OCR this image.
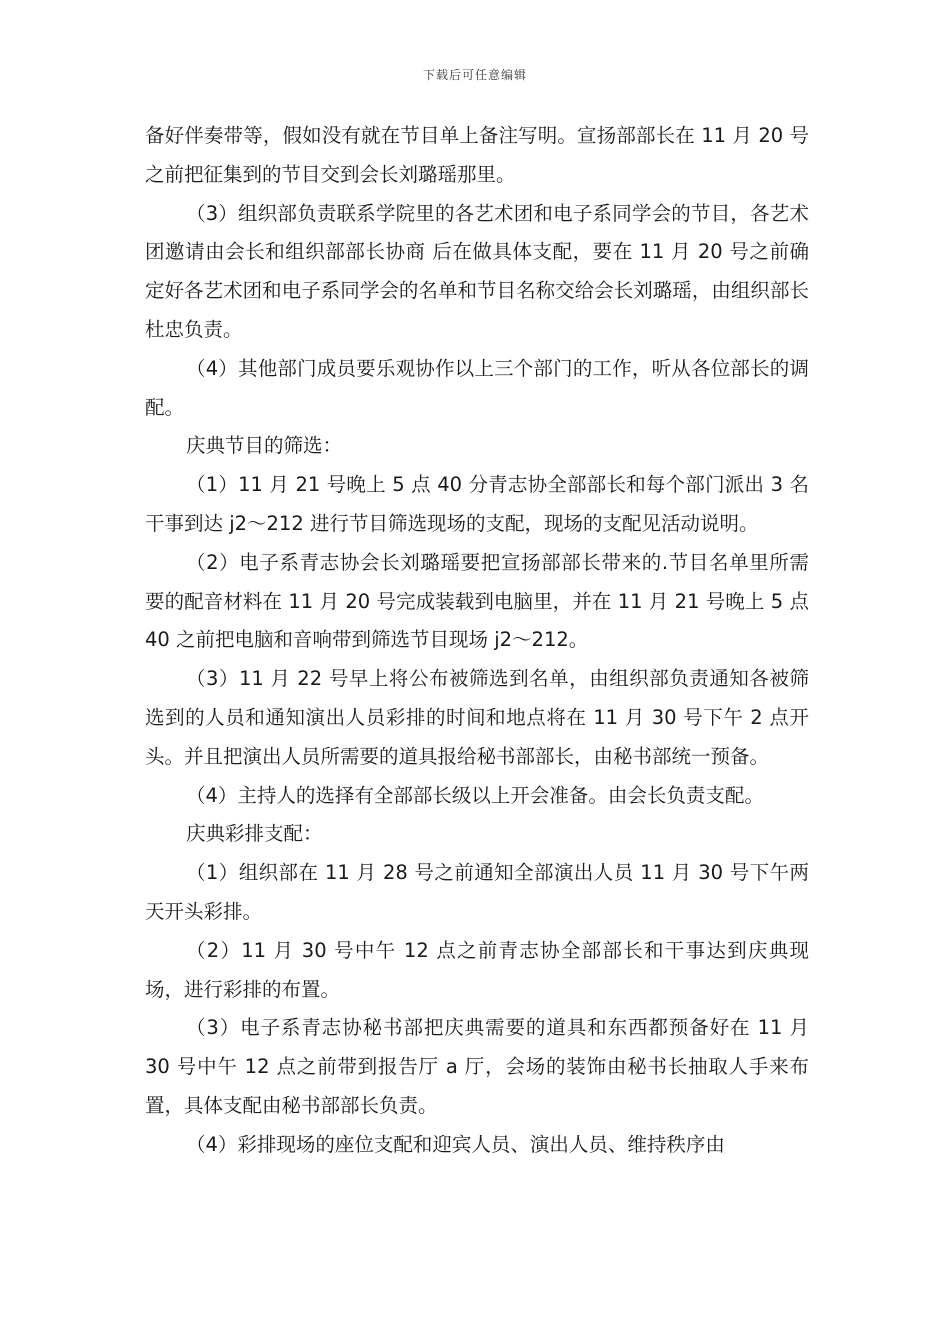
下载后可任意编辑

备好伴奏带等，假如没有就在节目单上备注写明。宣扬部部长在 11 月 20 号之前把征集到的节目交到会长刘璐瑶那里。

（3）组织部负责联系学院里的各艺术团和电子系同学会的节目，各艺术团邀请由会长和组织部部长协商 后在做具体支配，要在 11 月 20 号之前确定好各艺术团和电子系同学会的名单和节目名称交给会长刘璐瑶，由组织部长杜忠负责。

（4）其他部门成员要乐观协作以上三个部门的工作，听从各位部长的调配。

庆典节目的筛选：

（1）11 月 21 号晚上 5 点 40 分青志协全部部长和每个部门派出 3 名干事到达 j2～212 进行节目筛选现场的支配，现场的支配见活动说明。

（2）电子系青志协会长刘璐瑶要把宣扬部部长带来的.节目名单里所需要的配音材料在 11 月 20 号完成装载到电脑里，并在 11 月 21 号晚上 5 点 40 之前把电脑和音响带到筛选节目现场 j2～212。

（3）11 月 22 号早上将公布被筛选到名单，由组织部负责通知各被筛选到的人员和通知演出人员彩排的时间和地点将在 11 月 30 号下午 2 点开头。并且把演出人员所需要的道具报给秘书部部长，由秘书部统一预备。

（4）主持人的选择有全部部长级以上开会准备。由会长负责支配。

庆典彩排支配：

（1）组织部在 11 月 28 号之前通知全部演出人员 11 月 30 号下午两天开头彩排。

（2）11 月 30 号中午 12 点之前青志协全部部长和干事达到庆典现场，进行彩排的布置。

（3）电子系青志协秘书部把庆典需要的道具和东西都预备好在 11 月 30 号中午 12 点之前带到报告厅 a 厅，会场的装饰由秘书长抽取人手来布置，具体支配由秘书部部长负责。

（4）彩排现场的座位支配和迎宾人员、演出人员、维持秩序由
